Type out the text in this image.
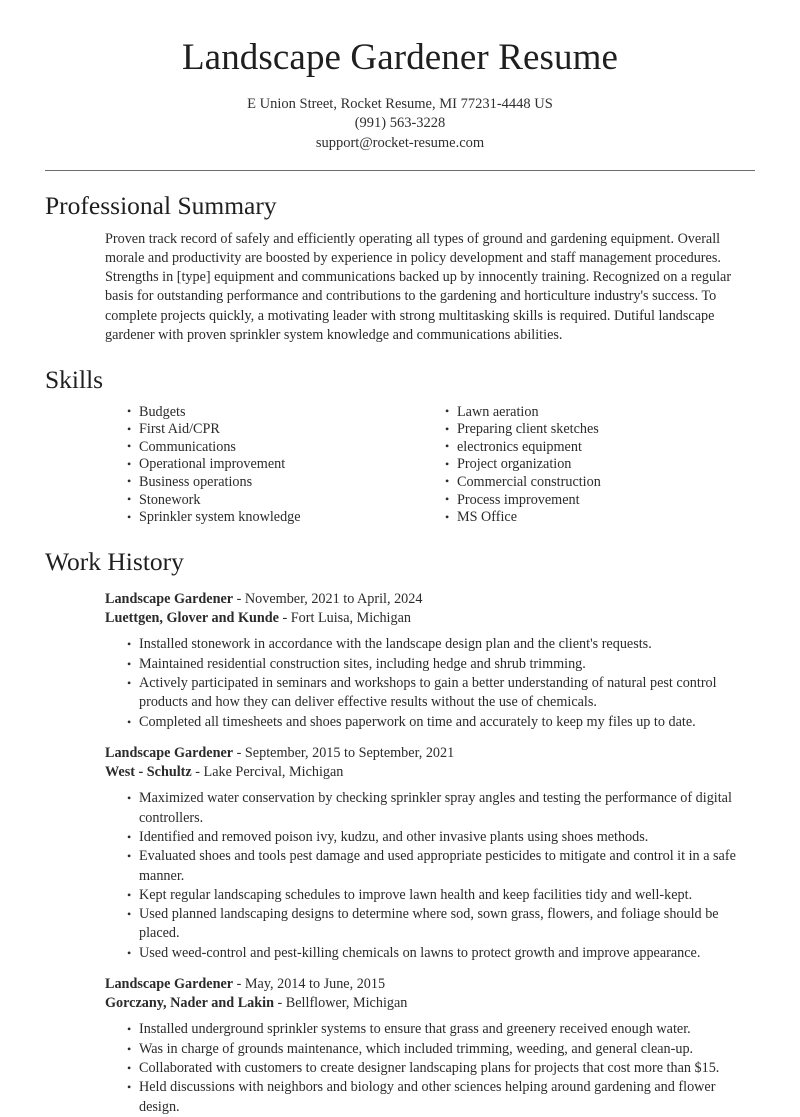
Landscape Gardener Resume
E Union Street, Rocket Resume, MI 77231-4448 US
(991) 563-3228
support@rocket-resume.com
Professional Summary

Proven track record of safely and efficiently operating all types of ground and gardening equipment. Overall morale and productivity are boosted by experience in policy development and staff management procedures. Strengths in [type] equipment and communications backed up by innocently training. Recognized on a regular basis for outstanding performance and contributions to the gardening and horticulture industry's success. To complete projects quickly, a motivating leader with strong multitasking skills is required. Dutiful landscape gardener with proven sprinkler system knowledge and communications abilities.

Skills
• Budgets
• First Aid/CPR
• Communications
• Operational improvement
• Business operations
• Stonework
• Sprinkler system knowledge
• Lawn aeration
• Preparing client sketches
• electronics equipment
• Project organization
• Commercial construction
• Process improvement
• MS Office
Work History
Landscape Gardener - November, 2021 to April, 2024
Luettgen, Glover and Kunde - Fort Luisa, Michigan
• Installed stonework in accordance with the landscape design plan and the client's requests.
• Maintained residential construction sites, including hedge and shrub trimming.
• Actively participated in seminars and workshops to gain a better understanding of natural pest control products and how they can deliver effective results without the use of chemicals.
• Completed all timesheets and shoes paperwork on time and accurately to keep my files up to date.
Landscape Gardener - September, 2015 to September, 2021
West - Schultz - Lake Percival, Michigan
• Maximized water conservation by checking sprinkler spray angles and testing the performance of digital controllers.
• Identified and removed poison ivy, kudzu, and other invasive plants using shoes methods.
• Evaluated shoes and tools pest damage and used appropriate pesticides to mitigate and control it in a safe manner.
• Kept regular landscaping schedules to improve lawn health and keep facilities tidy and well-kept.
• Used planned landscaping designs to determine where sod, sown grass, flowers, and foliage should be placed.
• Used weed-control and pest-killing chemicals on lawns to protect growth and improve appearance.
Landscape Gardener - May, 2014 to June, 2015
Gorczany, Nader and Lakin - Bellflower, Michigan
• Installed underground sprinkler systems to ensure that grass and greenery received enough water.
• Was in charge of grounds maintenance, which included trimming, weeding, and general clean-up.
• Collaborated with customers to create designer landscaping plans for projects that cost more than $15.
• Held discussions with neighbors and biology and other sciences helping around gardening and flower design.
